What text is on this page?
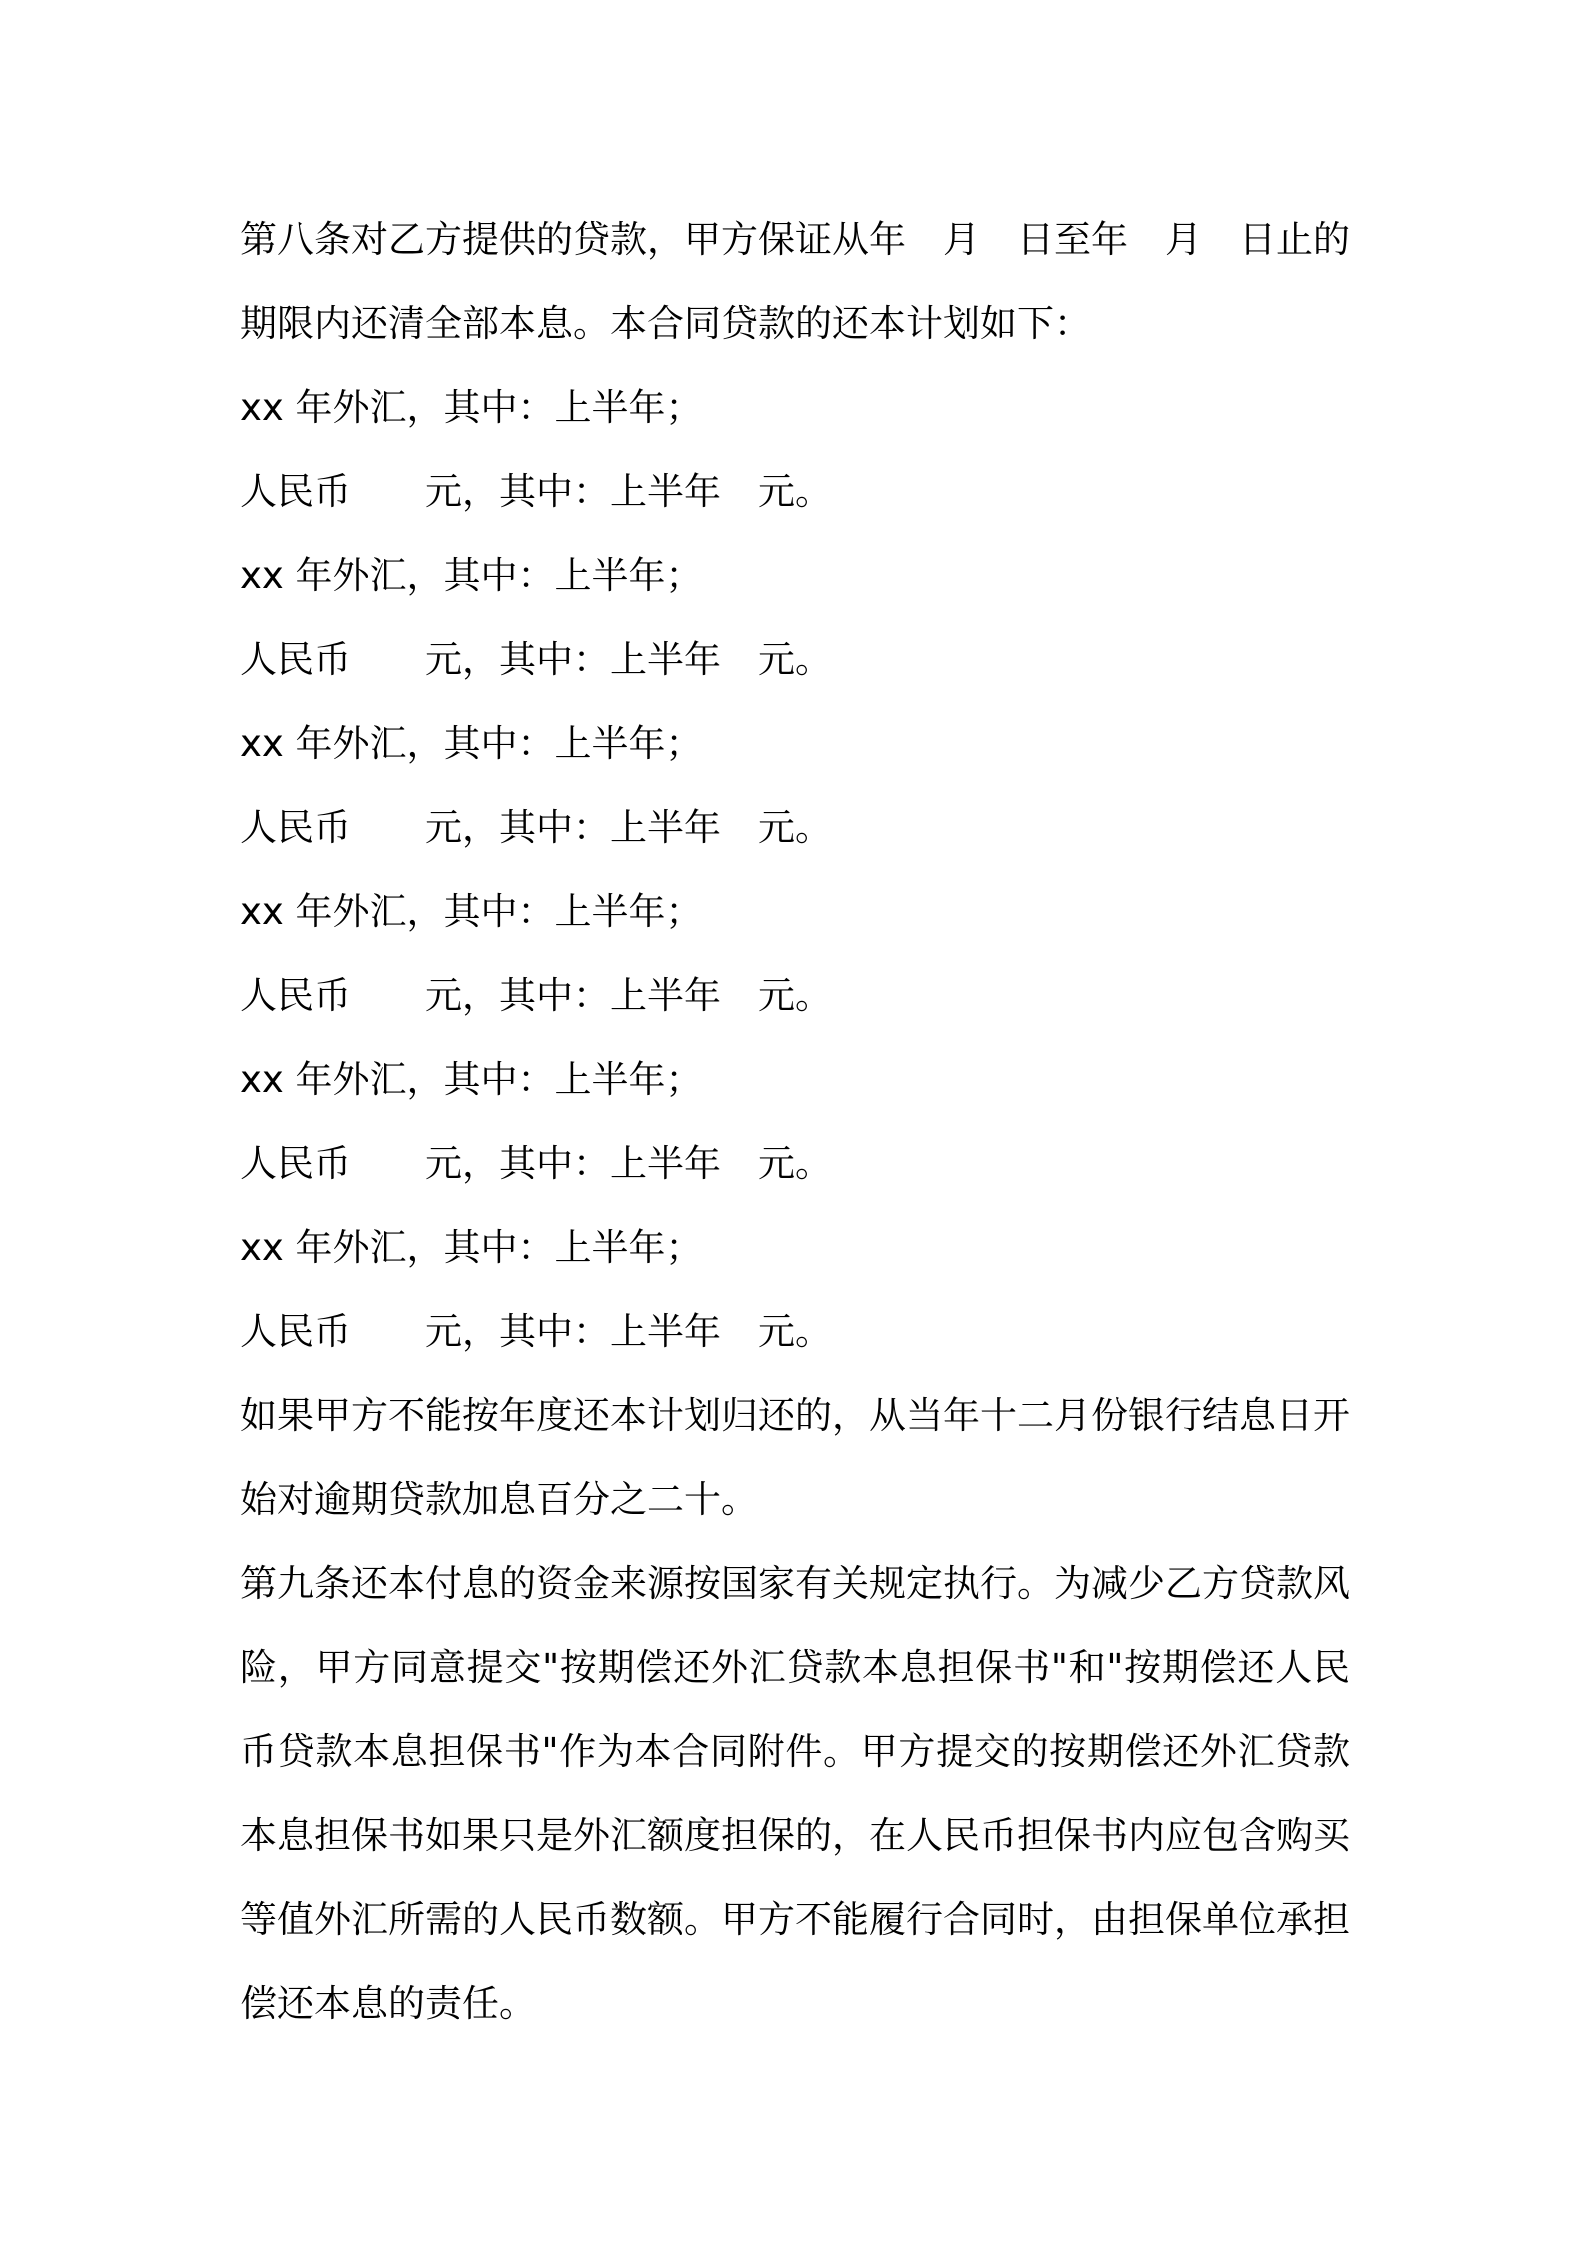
第八条对乙方提供的贷款，甲方保证从年　月　日至年　月　日止的

期限内还清全部本息。本合同贷款的还本计划如下：

xx 年外汇，其中：上半年；

人民币　　元，其中：上半年　元。

xx 年外汇，其中：上半年；

人民币　　元，其中：上半年　元。

xx 年外汇，其中：上半年；

人民币　　元，其中：上半年　元。

xx 年外汇，其中：上半年；

人民币　　元，其中：上半年　元。

xx 年外汇，其中：上半年；

人民币　　元，其中：上半年　元。

xx 年外汇，其中：上半年；

人民币　　元，其中：上半年　元。

如果甲方不能按年度还本计划归还的，从当年十二月份银行结息日开

始对逾期贷款加息百分之二十。

第九条还本付息的资金来源按国家有关规定执行。为减少乙方贷款风

险，甲方同意提交"按期偿还外汇贷款本息担保书"和"按期偿还人民

币贷款本息担保书"作为本合同附件。甲方提交的按期偿还外汇贷款

本息担保书如果只是外汇额度担保的，在人民币担保书内应包含购买

等值外汇所需的人民币数额。甲方不能履行合同时，由担保单位承担

偿还本息的责任。
